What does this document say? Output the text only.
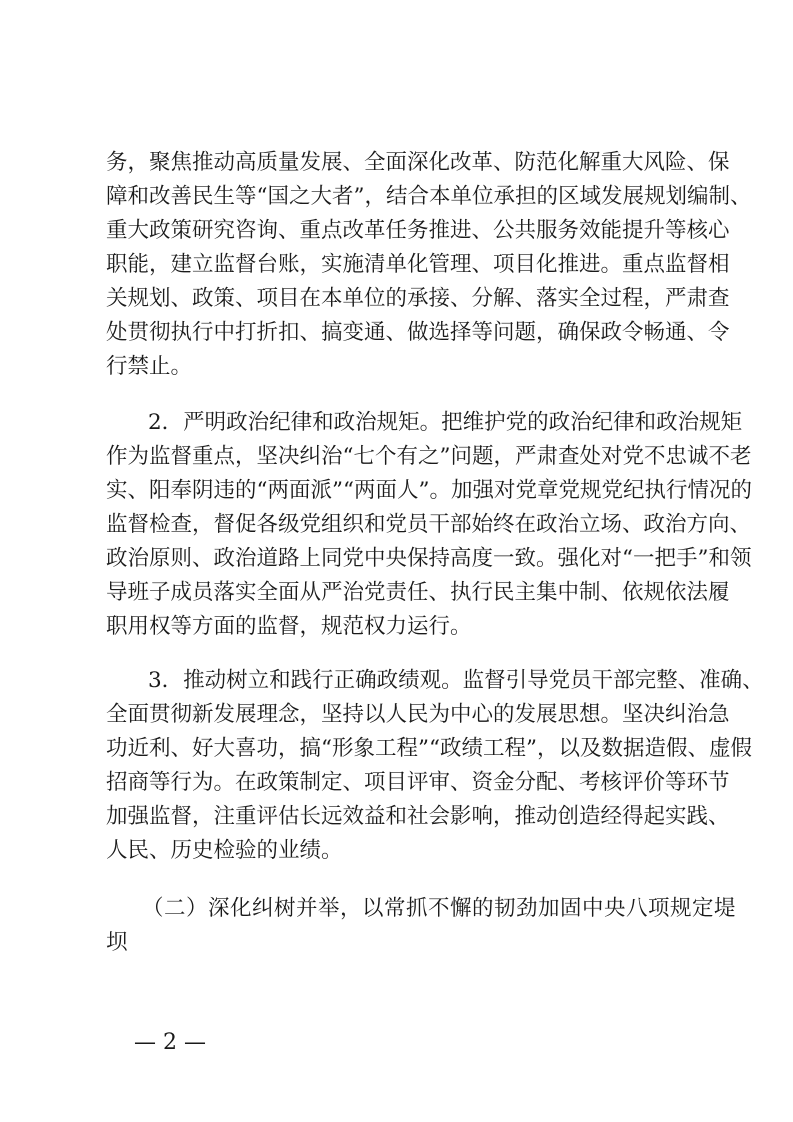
务，聚焦推动高质量发展、全面深化改革、防范化解重大风险、保
障和改善民生等“国之大者”，结合本单位承担的区域发展规划编制、
重大政策研究咨询、重点改革任务推进、公共服务效能提升等核心
职能，建立监督台账，实施清单化管理、项目化推进。重点监督相
关规划、政策、项目在本单位的承接、分解、落实全过程，严肃查
处贯彻执行中打折扣、搞变通、做选择等问题，确保政令畅通、令
行禁止。
2．严明政治纪律和政治规矩。把维护党的政治纪律和政治规矩
作为监督重点，坚决纠治“七个有之”问题，严肃查处对党不忠诚不老
实、阳奉阴违的“两面派”“两面人”。加强对党章党规党纪执行情况的
监督检查，督促各级党组织和党员干部始终在政治立场、政治方向、
政治原则、政治道路上同党中央保持高度一致。强化对“一把手”和领
导班子成员落实全面从严治党责任、执行民主集中制、依规依法履
职用权等方面的监督，规范权力运行。
3．推动树立和践行正确政绩观。监督引导党员干部完整、准确、
全面贯彻新发展理念，坚持以人民为中心的发展思想。坚决纠治急
功近利、好大喜功，搞“形象工程”“政绩工程”，以及数据造假、虚假
招商等行为。在政策制定、项目评审、资金分配、考核评价等环节
加强监督，注重评估长远效益和社会影响，推动创造经得起实践、
人民、历史检验的业绩。
（二）深化纠树并举，以常抓不懈的韧劲加固中央八项规定堤
坝
— 2 —
